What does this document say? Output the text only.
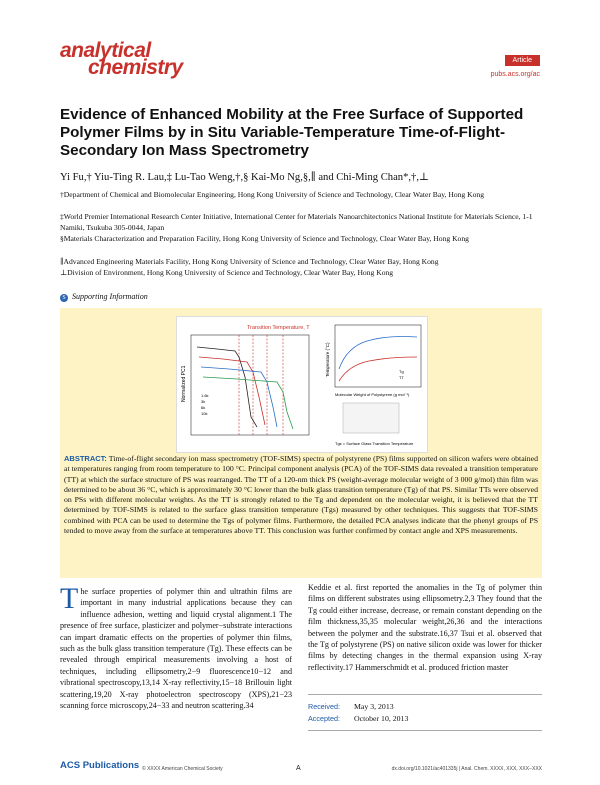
analytical
chemistry	Article
pubs.acs.org/ac
Evidence of Enhanced Mobility at the Free Surface of Supported Polymer Films by in Situ Variable-Temperature Time-of-Flight-Secondary Ion Mass Spectrometry
Yi Fu,† Yiu-Ting R. Lau,‡ Lu-Tao Weng,†,§ Kai-Mo Ng,§,∥ and Chi-Ming Chan*,†,⊥
†Department of Chemical and Biomolecular Engineering, Hong Kong University of Science and Technology, Clear Water Bay, Hong Kong
‡World Premier International Research Center Initiative, International Center for Materials Nanoarchitectonics National Institute for Materials Science, 1-1 Namiki, Tsukuba 305-0044, Japan
§Materials Characterization and Preparation Facility, Hong Kong University of Science and Technology, Clear Water Bay, Hong Kong
∥Advanced Engineering Materials Facility, Hong Kong University of Science and Technology, Clear Water Bay, Hong Kong
⊥Division of Environment, Hong Kong University of Science and Technology, Clear Water Bay, Hong Kong
S Supporting Information
Transition Temperature, T
Normalized PC1	1.6k
3k
6k
10k
Temperature (°C)	Tg
TT
Molecular Weight of Polystyrene (g mol⁻¹)
Tgs = Surface Glass Transition Temperature
ABSTRACT: Time-of-flight secondary ion mass spectrometry (TOF-SIMS) spectra of polystyrene (PS) films supported on silicon wafers were obtained at temperatures ranging from room temperature to 100 °C. Principal component analysis (PCA) of the TOF-SIMS data revealed a transition temperature (TT) at which the surface structure of PS was rearranged. The TT of a 120-nm thick PS (weight-average molecular weight of 3 000 g/mol) thin film was determined to be about 36 °C, which is approximately 30 °C lower than the bulk glass transition temperature (Tg) of that PS. Similar TTs were observed on PSs with different molecular weights. As the TT is strongly related to the Tg and dependent on the molecular weight, it is believed that the TT determined by TOF-SIMS is related to the surface glass transition temperature (Tgs) measured by other techniques. This suggests that TOF-SIMS combined with PCA can be used to determine the Tgs of polymer films. Furthermore, the detailed PCA analyses indicate that the phenyl groups of PS tended to move away from the surface at temperatures above TT. This conclusion was further confirmed by contact angle and XPS measurements.
The surface properties of polymer thin and ultrathin films are important in many industrial applications because they can influence adhesion, wetting and liquid crystal alignment.1 The presence of free surface, plasticizer and polymer−substrate interactions can impart dramatic effects on the properties of polymer thin films, such as the bulk glass transition temperature (Tg). These effects can be revealed through empirical measurements involving a host of techniques, including ellipsometry,2−9 fluorescence10−12 and vibrational spectroscopy,13,14 X-ray reflectivity,15−18 Brillouin light scattering,19,20 X-ray photoelectron spectroscopy (XPS),21−23 scanning force microscopy,24−33 and neutron scattering.34
Keddie et al. first reported the anomalies in the Tg of polymer thin films on different substrates using ellipsometry.2,3 They found that the Tg could either increase, decrease, or remain constant depending on the film thickness,35,35 molecular weight,26,36 and the interactions between the polymer and the substrate.16,37 Tsui et al. observed that the Tg of polystyrene (PS) on native silicon oxide was lower for thicker films by detecting changes in the thermal expansion using X-ray reflectivity.17 Hammerschmidt et al. produced friction master
Received: May 3, 2013
Accepted: October 10, 2013
ACS Publications © XXXX American Chemical Society	A	dx.doi.org/10.1021/ac401335j | Anal. Chem. XXXX, XXX, XXX−XXX
